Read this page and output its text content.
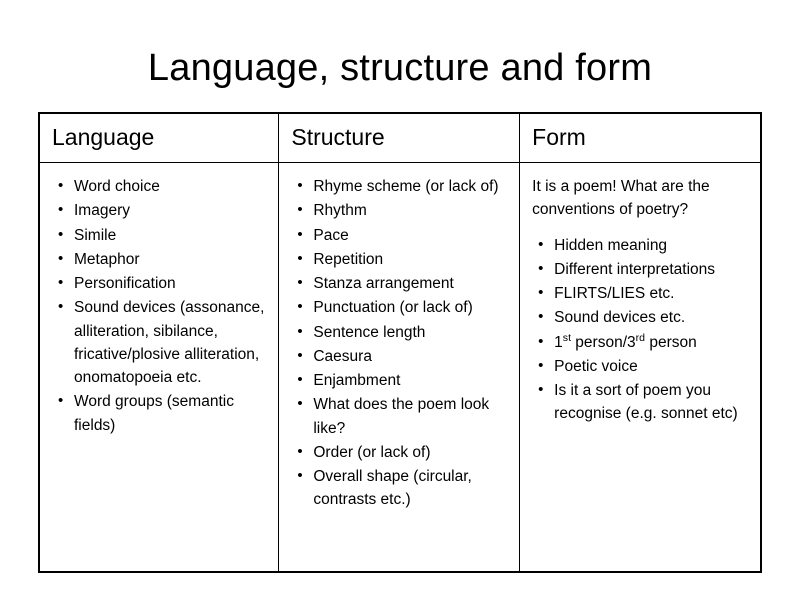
Language, structure and form
Language	Structure	Form

• Word choice
• Imagery
• Simile
• Metaphor
• Personification
• Sound devices (assonance, alliteration, sibilance, fricative/plosive alliteration, onomatopoeia etc.
• Word groups (semantic fields)

• Rhyme scheme (or lack of)
• Rhythm
• Pace
• Repetition
• Stanza arrangement
• Punctuation (or lack of)
• Sentence length
• Caesura
• Enjambment
• What does the poem look like?
• Order (or lack of)
• Overall shape (circular, contrasts etc.)

It is a poem! What are the conventions of poetry?

• Hidden meaning
• Different interpretations
• FLIRTS/LIES etc.
• Sound devices etc.
• 1st person/3rd person
• Poetic voice
• Is it a sort of poem you recognise (e.g. sonnet etc)
